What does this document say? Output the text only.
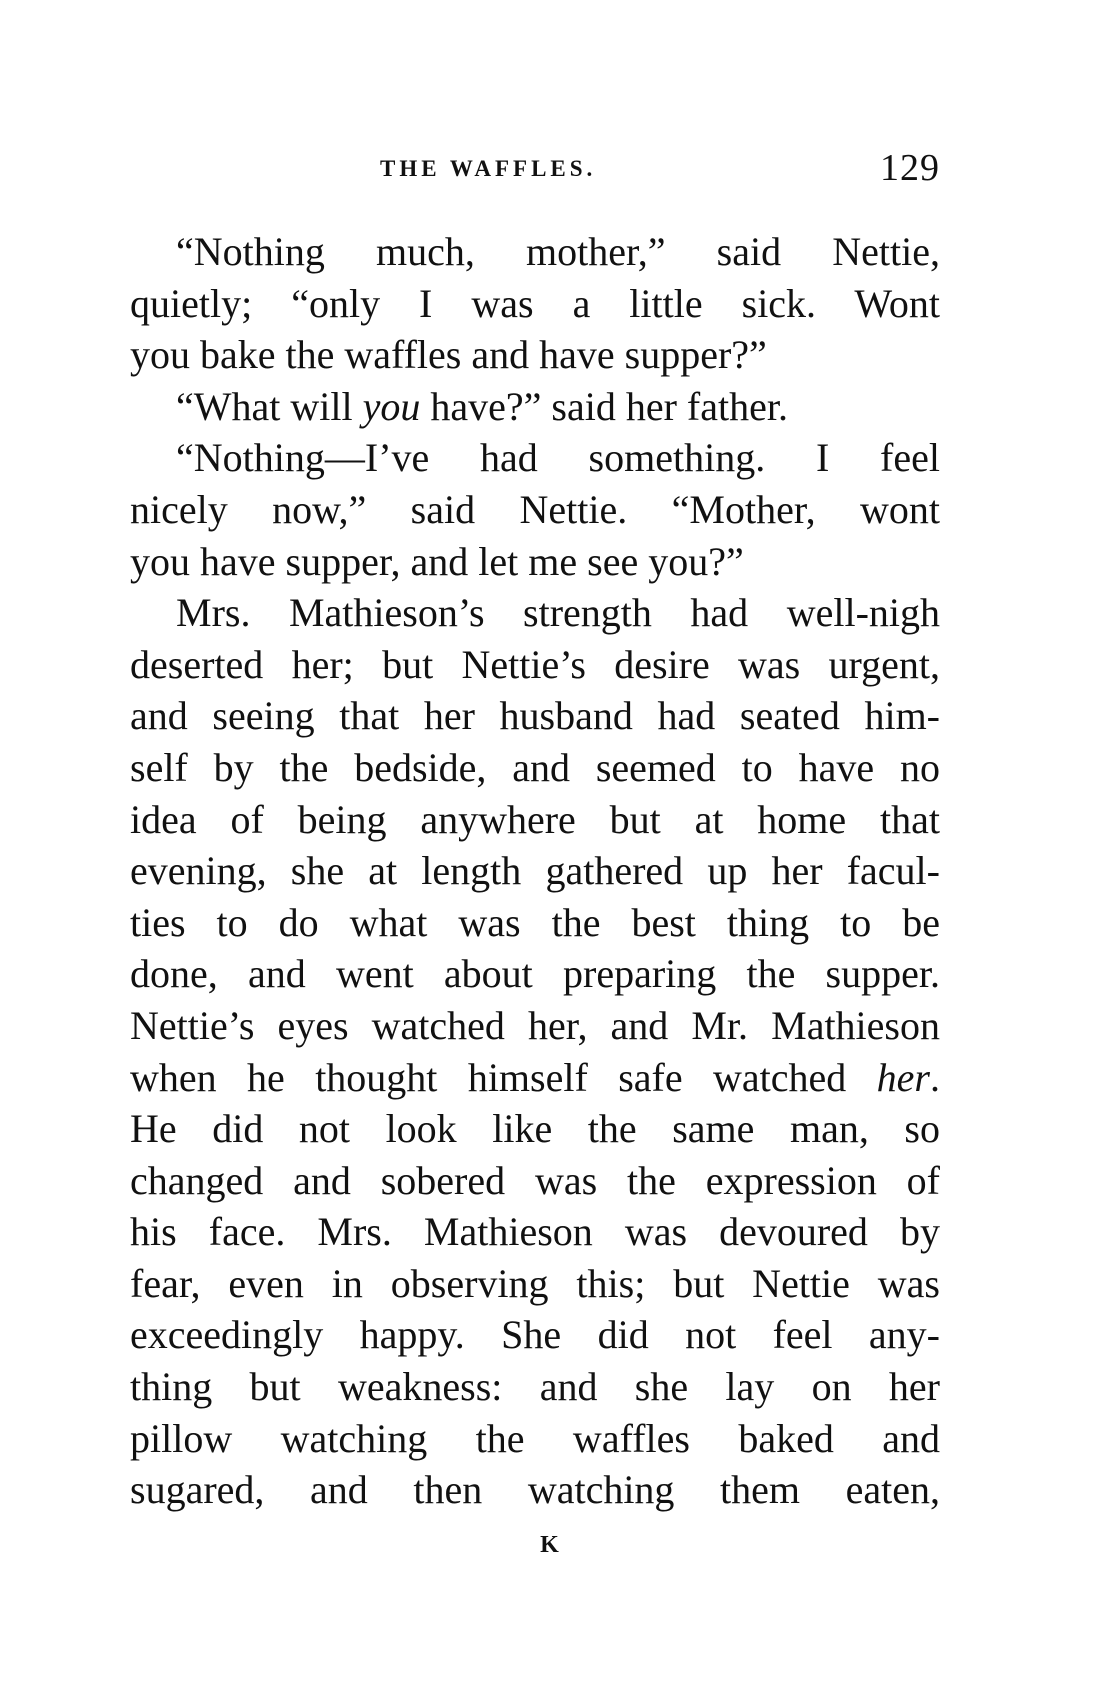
THE WAFFLES.	129
“Nothing much, mother,” said Nettie,
quietly; “only I was a little sick. Wont
you bake the waffles and have supper?”
“What will you have?” said her father.
“Nothing—I’ve had something. I feel
nicely now,” said Nettie. “Mother, wont
you have supper, and let me see you?”
Mrs. Mathieson’s strength had well-nigh
deserted her; but Nettie’s desire was urgent,
and seeing that her husband had seated him-
self by the bedside, and seemed to have no
idea of being anywhere but at home that
evening, she at length gathered up her facul-
ties to do what was the best thing to be
done, and went about preparing the supper.
Nettie’s eyes watched her, and Mr. Mathieson
when he thought himself safe watched her.
He did not look like the same man, so
changed and sobered was the expression of
his face. Mrs. Mathieson was devoured by
fear, even in observing this; but Nettie was
exceedingly happy. She did not feel any-
thing but weakness: and she lay on her
pillow watching the waffles baked and
sugared, and then watching them eaten,
K
